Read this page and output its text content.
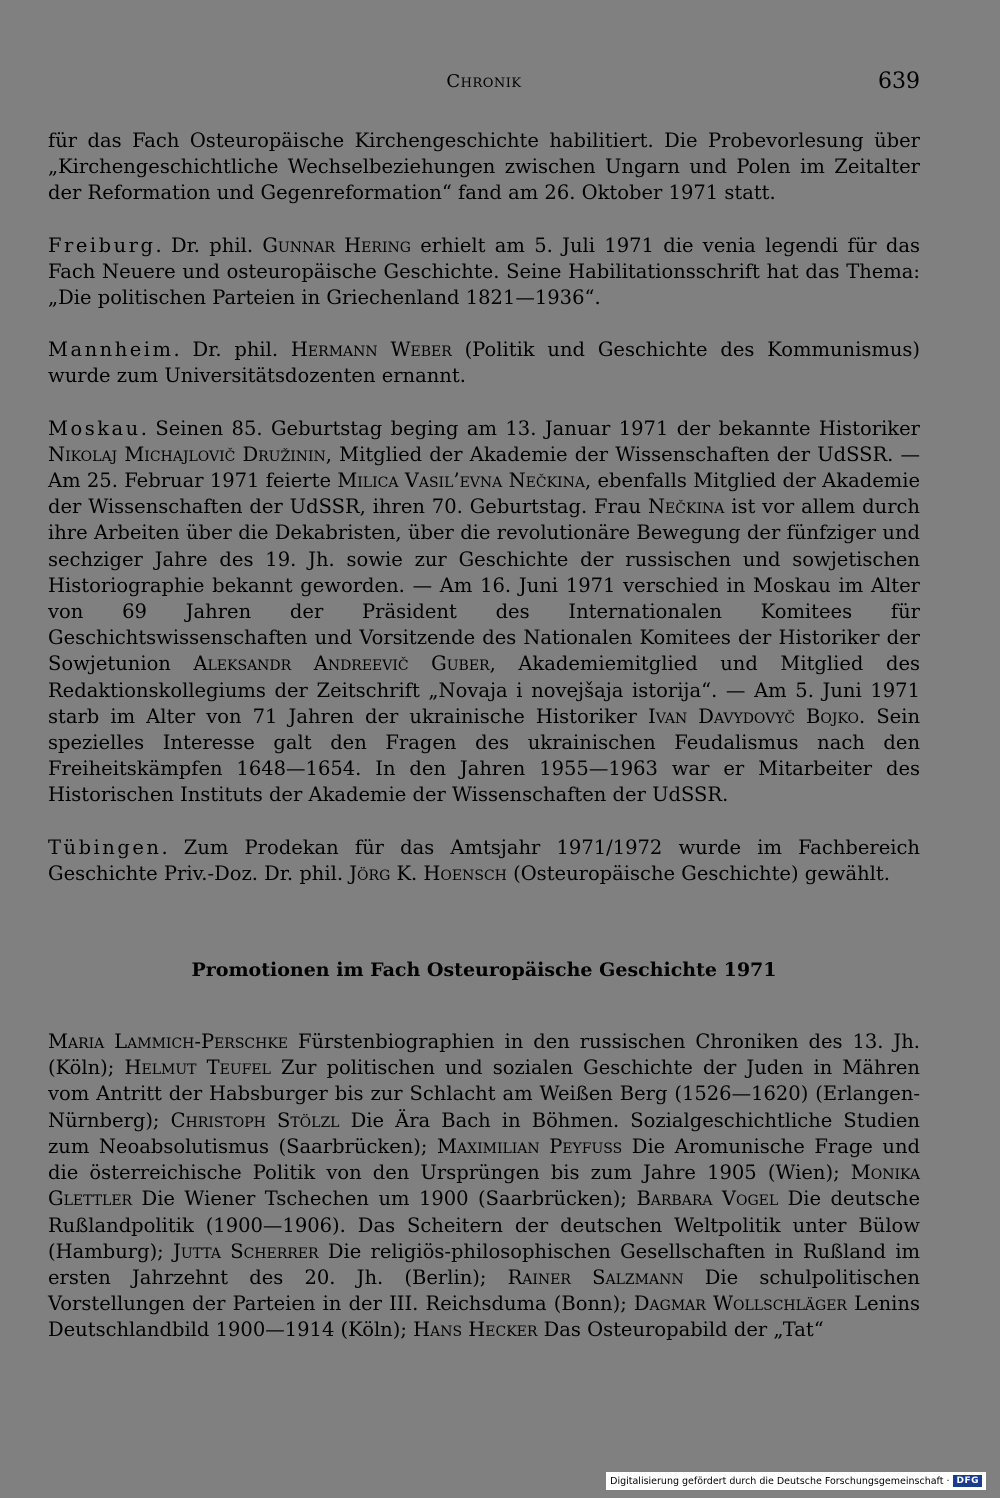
Chronik	639

für das Fach Osteuropäische Kirchengeschichte habilitiert. Die Probevorlesung über „Kirchengeschichtliche Wechselbeziehungen zwischen Ungarn und Polen im Zeitalter der Reformation und Gegenreformation“ fand am 26. Oktober 1971 statt.

Freiburg. Dr. phil. Gunnar Hering erhielt am 5. Juli 1971 die venia legendi für das Fach Neuere und osteuropäische Geschichte. Seine Habilitationsschrift hat das Thema: „Die politischen Parteien in Griechenland 1821—1936“.

Mannheim. Dr. phil. Hermann Weber (Politik und Geschichte des Kommunismus) wurde zum Universitätsdozenten ernannt.

Moskau. Seinen 85. Geburtstag beging am 13. Januar 1971 der bekannte Historiker Nikolaj Michajlovič Družinin, Mitglied der Akademie der Wissenschaften der UdSSR. — Am 25. Februar 1971 feierte Milica Vasil’evna Nečkina, ebenfalls Mitglied der Akademie der Wissenschaften der UdSSR, ihren 70. Geburtstag. Frau Nečkina ist vor allem durch ihre Arbeiten über die Dekabristen, über die revolutionäre Bewegung der fünfziger und sechziger Jahre des 19. Jh. sowie zur Geschichte der russischen und sowjetischen Historiographie bekannt geworden. — Am 16. Juni 1971 verschied in Moskau im Alter von 69 Jahren der Präsident des Internationalen Komitees für Geschichtswissenschaften und Vorsitzende des Nationalen Komitees der Historiker der Sowjetunion Aleksandr Andreevič Guber, Akademiemitglied und Mitglied des Redaktionskollegiums der Zeitschrift „Novaja i novejšaja istorija“. — Am 5. Juni 1971 starb im Alter von 71 Jahren der ukrainische Historiker Ivan Davydovyč Bojko. Sein spezielles Interesse galt den Fragen des ukrainischen Feudalismus nach den Freiheitskämpfen 1648—1654. In den Jahren 1955—1963 war er Mitarbeiter des Historischen Instituts der Akademie der Wissenschaften der UdSSR.

Tübingen. Zum Prodekan für das Amtsjahr 1971/1972 wurde im Fachbereich Geschichte Priv.-Doz. Dr. phil. Jörg K. Hoensch (Osteuropäische Geschichte) gewählt.

Promotionen im Fach Osteuropäische Geschichte 1971

Maria Lammich-Perschke Fürstenbiographien in den russischen Chroniken des 13. Jh. (Köln); Helmut Teufel Zur politischen und sozialen Geschichte der Juden in Mähren vom Antritt der Habsburger bis zur Schlacht am Weißen Berg (1526—1620) (Erlangen-Nürnberg); Christoph Stölzl Die Ära Bach in Böhmen. Sozialgeschichtliche Studien zum Neoabsolutismus (Saarbrücken); Maximilian Peyfuss Die Aromunische Frage und die österreichische Politik von den Ursprüngen bis zum Jahre 1905 (Wien); Monika Glettler Die Wiener Tschechen um 1900 (Saarbrücken); Barbara Vogel Die deutsche Rußlandpolitik (1900—1906). Das Scheitern der deutschen Weltpolitik unter Bülow (Hamburg); Jutta Scherrer Die religiös-philosophischen Gesellschaften in Rußland im ersten Jahrzehnt des 20. Jh. (Berlin); Rainer Salzmann Die schulpolitischen Vorstellungen der Parteien in der III. Reichsduma (Bonn); Dagmar Wollschläger Lenins Deutschlandbild 1900—1914 (Köln); Hans Hecker Das Osteuropabild der „Tat“

Digitalisierung gefördert durch die Deutsche Forschungsgemeinschaft · DFG
